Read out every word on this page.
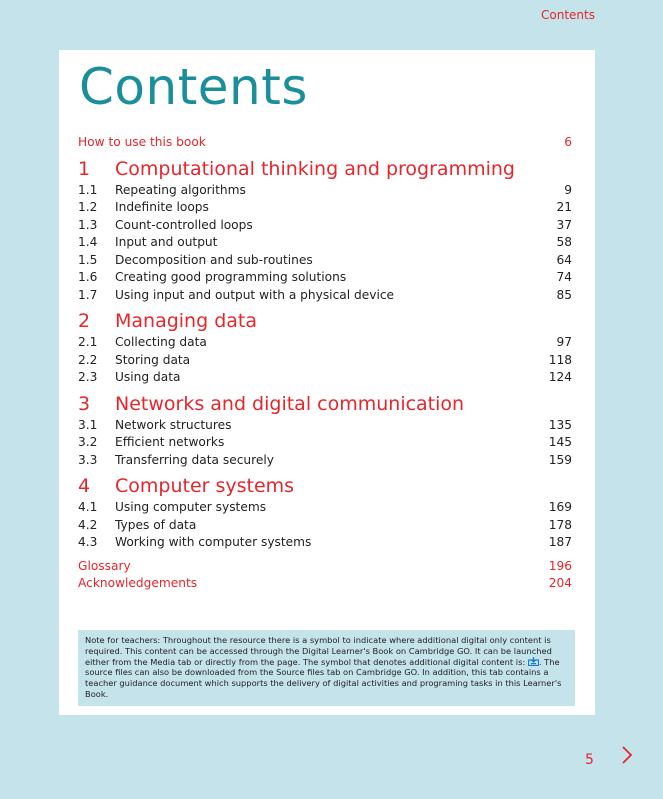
Contents
Contents
How to use this book	6
1	Computational thinking and programming
1.1	Repeating algorithms	9
1.2	Indefinite loops	21
1.3	Count-controlled loops	37
1.4	Input and output	58
1.5	Decomposition and sub-routines	64
1.6	Creating good programming solutions	74
1.7	Using input and output with a physical device	85
2	Managing data
2.1	Collecting data	97
2.2	Storing data	118
2.3	Using data	124
3	Networks and digital communication
3.1	Network structures	135
3.2	Efficient networks	145
3.3	Transferring data securely	159
4	Computer systems
4.1	Using computer systems	169
4.2	Types of data	178
4.3	Working with computer systems	187
Glossary	196
Acknowledgements	204
Note for teachers: Throughout the resource there is a symbol to indicate where additional digital only content is required. This content can be accessed through the Digital Learner's Book on Cambridge GO. It can be launched either from the Media tab or directly from the page. The symbol that denotes additional digital content is: . The source files can also be downloaded from the Source files tab on Cambridge GO. In addition, this tab contains a teacher guidance document which supports the delivery of digital activities and programing tasks in this Learner's Book.
5
